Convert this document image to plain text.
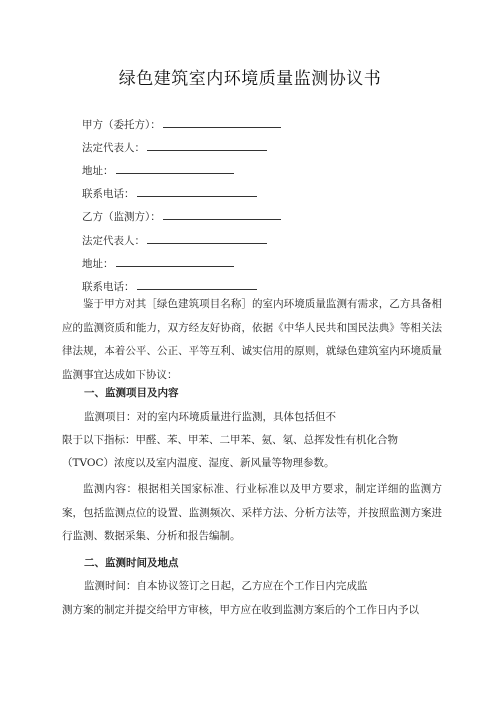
绿色建筑室内环境质量监测协议书
甲方（委托方）：
法定代表人：
地址：
联系电话：
乙方（监测方）：
法定代表人：
地址：
联系电话：
鉴于甲方对其［绿色建筑项目名称］的室内环境质量监测有需求，乙方具备相应的监测资质和能力，双方经友好协商，依据《中华人民共和国民法典》等相关法律法规，本着公平、公正、平等互利、诚实信用的原则，就绿色建筑室内环境质量监测事宜达成如下协议：
一、监测项目及内容
监测项目：对的室内环境质量进行监测，具体包括但不
限于以下指标：甲醛、苯、甲苯、二甲苯、氨、氡、总挥发性有机化合物
（TVOC）浓度以及室内温度、湿度、新风量等物理参数。
监测内容：根据相关国家标准、行业标准以及甲方要求，制定详细的监测方案，包括监测点位的设置、监测频次、采样方法、分析方法等，并按照监测方案进行监测、数据采集、分析和报告编制。
二、监测时间及地点
监测时间：自本协议签订之日起，乙方应在个工作日内完成监
测方案的制定并提交给甲方审核，甲方应在收到监测方案后的个工作日内予以
